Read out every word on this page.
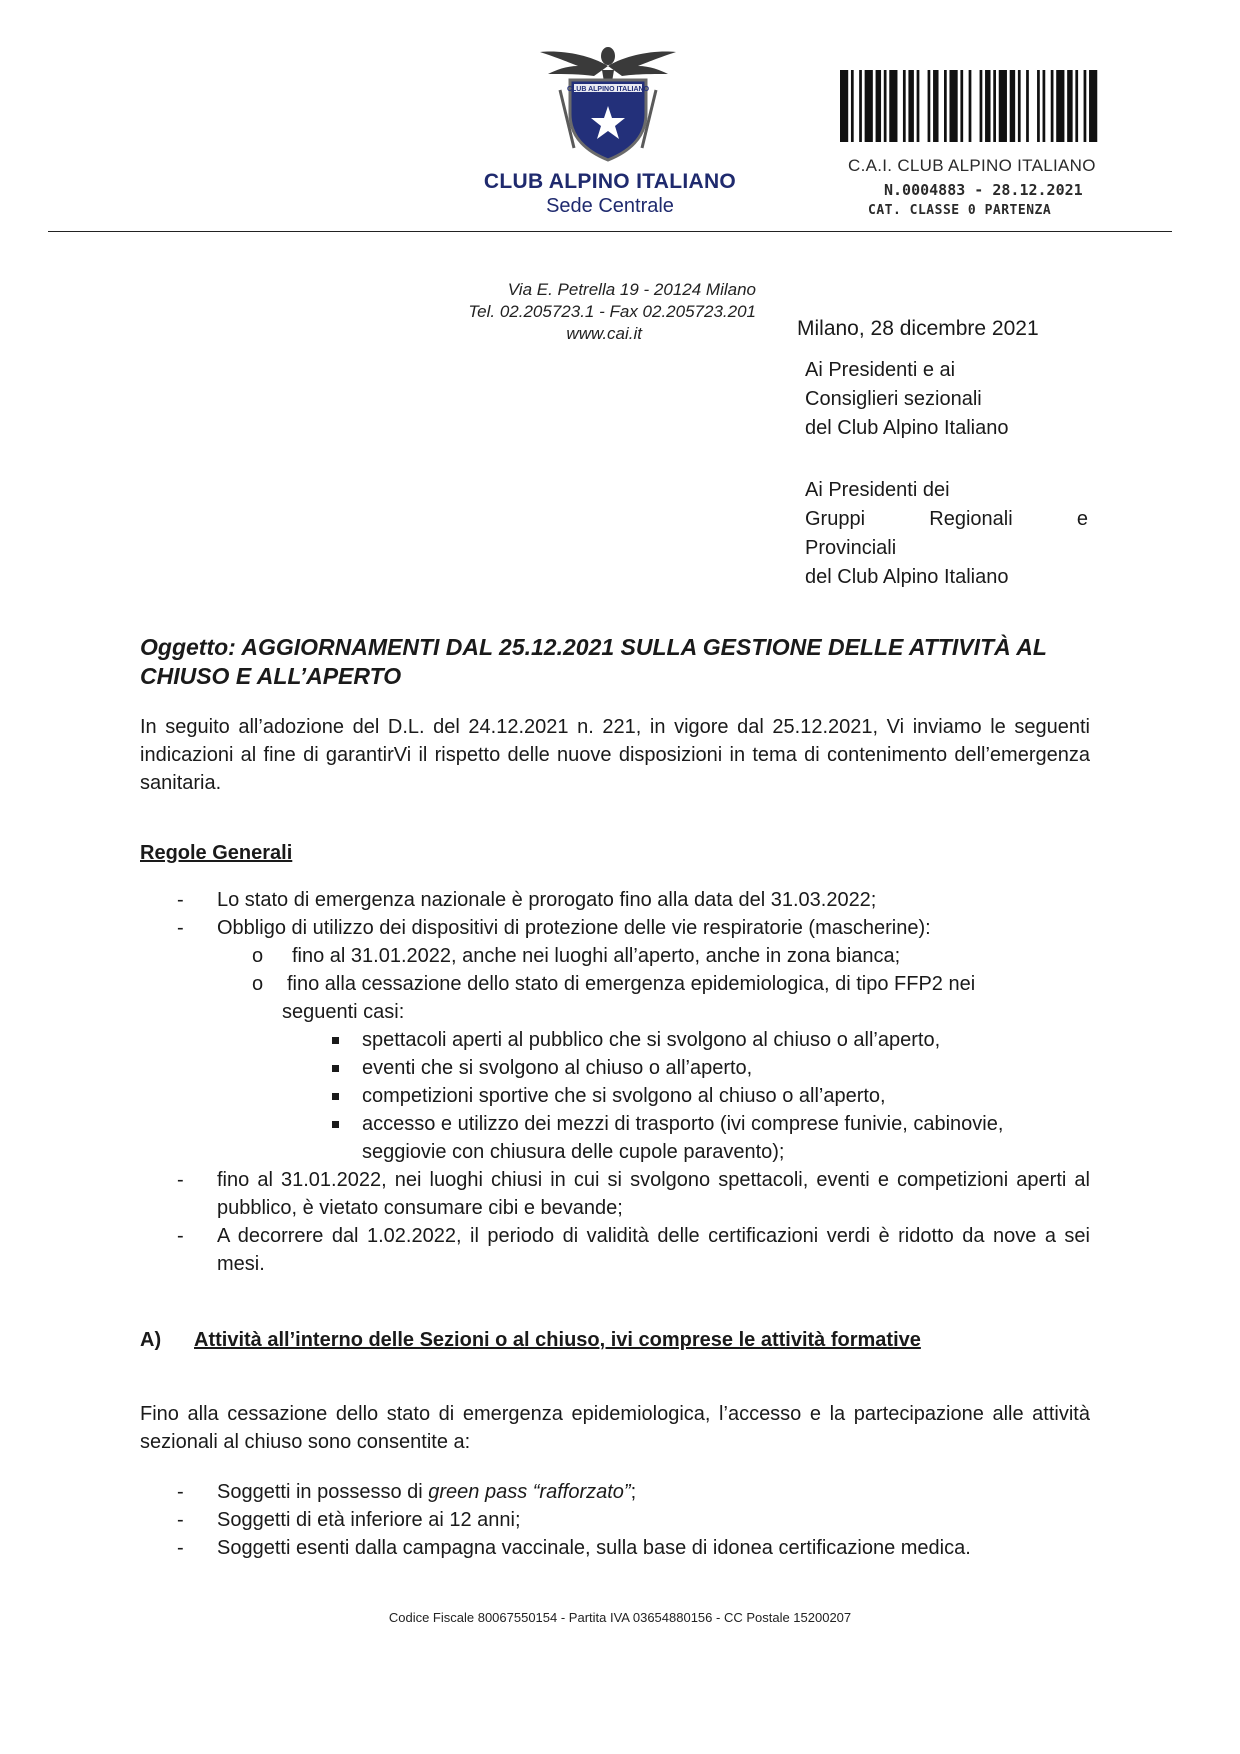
CLUB ALPINO ITALIANO
CLUB ALPINO ITALIANO
Sede Centrale
C.A.I. CLUB ALPINO ITALIANO
N.0004883 - 28.12.2021
CAT. CLASSE 0 PARTENZA
Via E. Petrella 19 - 20124 Milano
Tel. 02.205723.1 - Fax 02.205723.201
www.cai.it	Milano, 28 dicembre 2021
Ai Presidenti e ai
Consiglieri sezionali
del Club Alpino Italiano
Ai Presidenti dei
Gruppi	Regionali	e
Provinciali
del Club Alpino Italiano
Oggetto: AGGIORNAMENTI DAL 25.12.2021 SULLA GESTIONE DELLE ATTIVITÀ AL CHIUSO E ALL’APERTO
In seguito all’adozione del D.L. del 24.12.2021 n. 221, in vigore dal 25.12.2021, Vi inviamo le seguenti indicazioni al fine di garantirVi il rispetto delle nuove disposizioni in tema di contenimento dell’emergenza sanitaria.
Regole Generali
- Lo stato di emergenza nazionale è prorogato fino alla data del 31.03.2022;
- Obbligo di utilizzo dei dispositivi di protezione delle vie respiratorie (mascherine):
o fino al 31.01.2022, anche nei luoghi all’aperto, anche in zona bianca;
o fino alla cessazione dello stato di emergenza epidemiologica, di tipo FFP2 nei
seguenti casi:
spettacoli aperti al pubblico che si svolgono al chiuso o all’aperto,
eventi che si svolgono al chiuso o all’aperto,
competizioni sportive che si svolgono al chiuso o all’aperto,
accesso e utilizzo dei mezzi di trasporto (ivi comprese funivie, cabinovie, seggiovie con chiusura delle cupole paravento);
- fino al 31.01.2022, nei luoghi chiusi in cui si svolgono spettacoli, eventi e competizioni aperti al pubblico, è vietato consumare cibi e bevande;
- A decorrere dal 1.02.2022, il periodo di validità delle certificazioni verdi è ridotto da nove a sei mesi.
A) Attività all’interno delle Sezioni o al chiuso, ivi comprese le attività formative
Fino alla cessazione dello stato di emergenza epidemiologica, l’accesso e la partecipazione alle attività sezionali al chiuso sono consentite a:
- Soggetti in possesso di green pass “rafforzato”;
- Soggetti di età inferiore ai 12 anni;
- Soggetti esenti dalla campagna vaccinale, sulla base di idonea certificazione medica.
Codice Fiscale 80067550154 - Partita IVA 03654880156 - CC Postale 15200207
